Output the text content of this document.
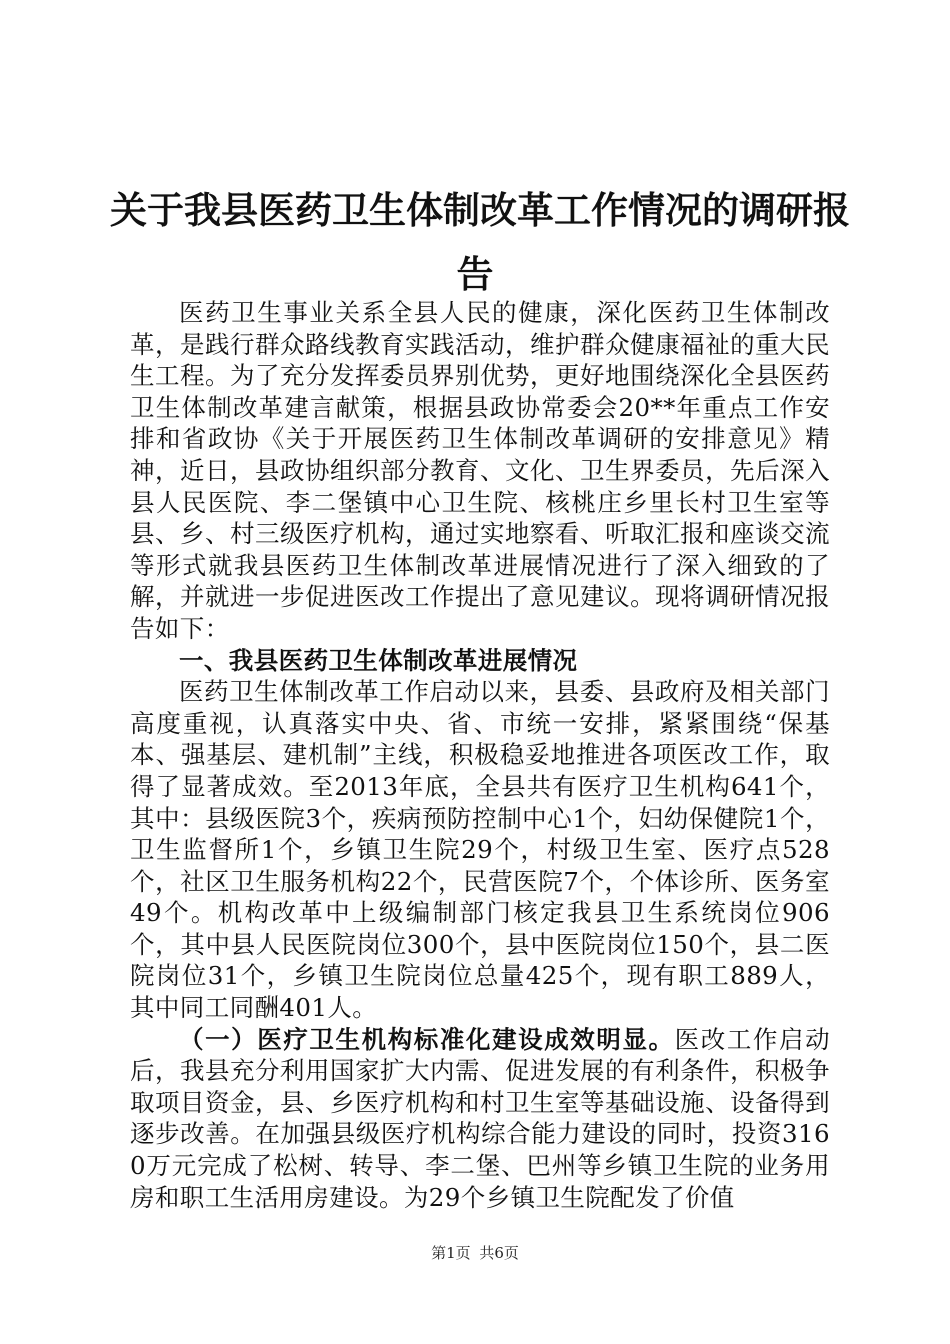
关于我县医药卫生体制改革工作情况的调研报
告

医药卫生事业关系全县人民的健康，深化医药卫生体制改革，是践行群众路线教育实践活动，维护群众健康福祉的重大民生工程。为了充分发挥委员界别优势，更好地围绕深化全县医药卫生体制改革建言献策，根据县政协常委会20**年重点工作安排和省政协《关于开展医药卫生体制改革调研的安排意见》精神，近日，县政协组织部分教育、文化、卫生界委员，先后深入县人民医院、李二堡镇中心卫生院、核桃庄乡里长村卫生室等县、乡、村三级医疗机构，通过实地察看、听取汇报和座谈交流等形式就我县医药卫生体制改革进展情况进行了深入细致的了解，并就进一步促进医改工作提出了意见建议。现将调研情况报告如下：

一、我县医药卫生体制改革进展情况

医药卫生体制改革工作启动以来，县委、县政府及相关部门高度重视，认真落实中央、省、市统一安排，紧紧围绕“保基本、强基层、建机制”主线，积极稳妥地推进各项医改工作，取得了显著成效。至2013年底，全县共有医疗卫生机构641个，其中：县级医院3个，疾病预防控制中心1个，妇幼保健院1个，卫生监督所1个，乡镇卫生院29个，村级卫生室、医疗点528个，社区卫生服务机构22个，民营医院7个，个体诊所、医务室49个。机构改革中上级编制部门核定我县卫生系统岗位906个，其中县人民医院岗位300个，县中医院岗位150个，县二医院岗位31个，乡镇卫生院岗位总量425个，现有职工889人，其中同工同酬401人。

（一）医疗卫生机构标准化建设成效明显。医改工作启动后，我县充分利用国家扩大内需、促进发展的有利条件，积极争取项目资金，县、乡医疗机构和村卫生室等基础设施、设备得到逐步改善。在加强县级医疗机构综合能力建设的同时，投资3160万元完成了松树、转导、李二堡、巴州等乡镇卫生院的业务用房和职工生活用房建设。为29个乡镇卫生院配发了价值

第1页 共6页
